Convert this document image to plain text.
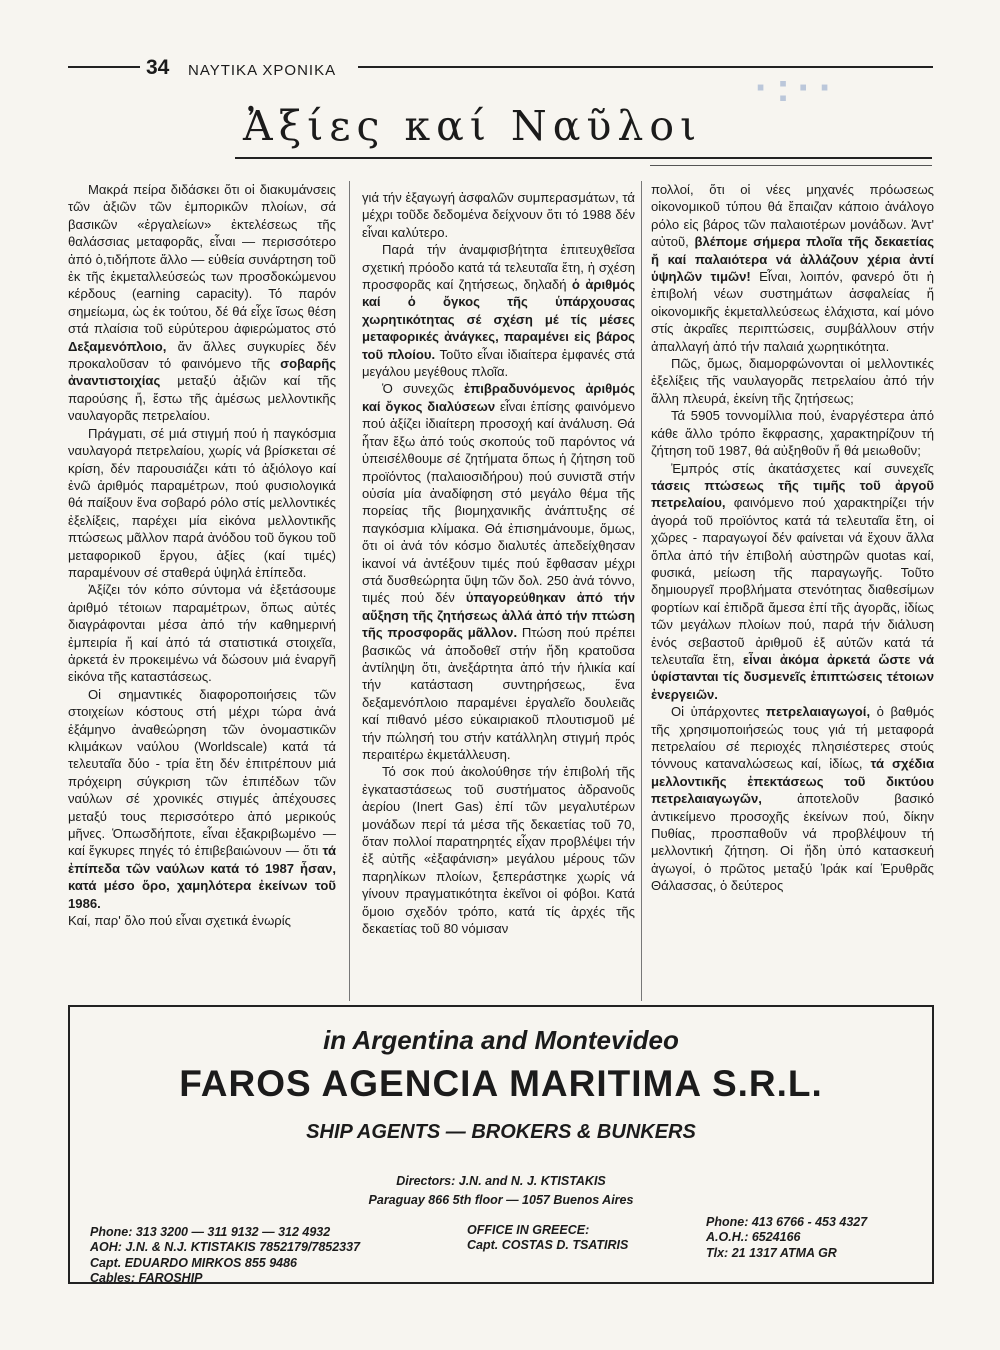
34 ΝΑΥΤΙΚΑ ΧΡΟΝΙΚΑ	·:··
Ἀξίες καί Ναῦλοι

Μακρά πείρα διδάσκει ὅτι οἱ διακυμάνσεις τῶν ἀξιῶν τῶν ἐμπορικῶν πλοίων, σά βασικῶν «ἐργαλείων» ἐκτελέσεως τῆς θαλάσσιας μεταφορᾶς, εἶναι — περισσότερο ἀπό ὁ,τιδήποτε ἄλλο — εὐθεία συνάρτηση τοῦ ἐκ τῆς ἐκμεταλλεύσεώς των προσδοκώμενου κέρδους (earning capacity). Τό παρόν σημείωμα, ὡς ἐκ τούτου, δέ θά εἶχε ἴσως θέση στά πλαίσια τοῦ εὐρύτερου ἀφιερώματος στό Δεξαμενόπλοιο, ἄν ἄλλες συγκυρίες δέν προκαλοῦσαν τό φαινόμενο τῆς σοβαρῆς ἀναντιστοιχίας μεταξύ ἀξιῶν καί τῆς παρούσης ἤ, ἔστω τῆς ἀμέσως μελλοντικῆς ναυλαγορᾶς πετρελαίου.

Πράγματι, σέ μιά στιγμή πού ἡ παγκόσμια ναυλαγορά πετρελαίου, χωρίς νά βρίσκεται σέ κρίση, δέν παρουσιάζει κάτι τό ἀξιόλογο καί ἐνῶ ἀριθμός παραμέτρων, πού φυσιολογικά θά παίξουν ἔνα σοβαρό ρόλο στίς μελλοντικές ἐξελίξεις, παρέχει μία εἰκόνα μελλοντικῆς πτώσεως μᾶλλον παρά ἀνόδου τοῦ ὄγκου τοῦ μεταφορικοῦ ἔργου, ἀξίες (καί τιμές) παραμένουν σέ σταθερά ὑψηλά ἐπίπεδα.

Ἀξίζει τόν κόπο σύντομα νά ἐξετάσουμε ἀριθμό τέτοιων παραμέτρων, ὅπως αὐτές διαγράφονται μέσα ἀπό τήν καθημερινή ἐμπειρία ἤ καί ἀπό τά στατιστικά στοιχεῖα, ἀρκετά ἐν προκειμένω νά δώσουν μιά ἐναργῆ εἰκόνα τῆς καταστάσεως.

Οἱ σημαντικές διαφοροποιήσεις τῶν στοιχείων κόστους στή μέχρι τώρα ἀνά ἑξάμηνο ἀναθεώρηση τῶν ὀνομαστικῶν κλιμάκων ναύλου (Worldscale) κατά τά τελευταῖα δύο - τρία ἔτη δέν ἐπιτρέπουν μιά πρόχειρη σύγκριση τῶν ἐπιπέδων τῶν ναύλων σέ χρονικές στιγμές ἀπέχουσες μεταξύ τους περισσότερο ἀπό μερικούς μῆνες. Ὁπωσδήποτε, εἶναι ἐξακριβωμένο — καί ἔγκυρες πηγές τό ἐπιβεβαιώνουν — ὅτι τά ἐπίπεδα τῶν ναύλων κατά τό 1987 ἦσαν, κατά μέσο ὅρο, χαμηλότερα ἐκείνων τοῦ 1986.

Καί, παρ' ὅλο πού εἶναι σχετικά ἐνωρίς

γιά τήν ἐξαγωγή ἀσφαλῶν συμπερασμάτων, τά μέχρι τοῦδε δεδομένα δείχνουν ὅτι τό 1988 δέν εἶναι καλύτερο.

Παρά τήν ἀναμφισβήτητα ἐπιτευχθεῖσα σχετική πρόοδο κατά τά τελευταῖα ἔτη, ἡ σχέση προσφορᾶς καί ζητήσεως, δηλαδή ὁ ἀριθμός καί ὁ ὄγκος τῆς ὑπάρχουσας χωρητικότητας σέ σχέση μέ τίς μέσες μεταφορικές ἀνάγκες, παραμένει εἰς βάρος τοῦ πλοίου. Τοῦτο εἶναι ἰδιαίτερα ἐμφανές στά μεγάλου μεγέθους πλοῖα.

Ὁ συνεχῶς ἐπιβραδυνόμενος ἀριθμός καί ὄγκος διαλύσεων εἶναι ἐπίσης φαινόμενο πού ἀξίζει ἰδιαίτερη προσοχή καί ἀνάλυση. Θά ἦταν ἔξω ἀπό τούς σκοπούς τοῦ παρόντος νά ὑπεισέλθουμε σέ ζητήματα ὅπως ἡ ζήτηση τοῦ προϊόντος (παλαιοσιδήρου) πού συνιστᾶ στήν οὐσία μία ἀναδίφηση στό μεγάλο θέμα τῆς πορείας τῆς βιομηχανικῆς ἀνάπτυξης σέ παγκόσμια κλίμακα. Θά ἐπισημάνουμε, ὅμως, ὅτι οἱ ἀνά τόν κόσμο διαλυτές ἀπεδείχθησαν ἱκανοί νά ἀντέξουν τιμές πού ἔφθασαν μέχρι στά δυσθεώρητα ὕψη τῶν δολ. 250 ἀνά τόννο, τιμές πού δέν ὑπαγορεύθηκαν ἀπό τήν αὔξηση τῆς ζητήσεως ἀλλά ἀπό τήν πτώση τῆς προσφορᾶς μᾶλλον. Πτώση πού πρέπει βασικῶς νά ἀποδοθεῖ στήν ἤδη κρατοῦσα ἀντίληψη ὅτι, ἀνεξάρτητα ἀπό τήν ἡλικία καί τήν κατάσταση συντηρήσεως, ἕνα δεξαμενόπλοιο παραμένει ἐργαλεῖο δουλειᾶς καί πιθανό μέσο εὐκαιριακοῦ πλουτισμοῦ μέ τήν πώλησή του στήν κατάλληλη στιγμή πρός περαιτέρω ἐκμετάλλευση.

Τό σοκ πού ἀκολούθησε τήν ἐπιβολή τῆς ἐγκαταστάσεως τοῦ συστήματος ἀδρανοῦς ἀερίου (Inert Gas) ἐπί τῶν μεγαλυτέρων μονάδων περί τά μέσα τῆς δεκαετίας τοῦ 70, ὅταν πολλοί παρατηρητές εἶχαν προβλέψει τήν ἐξ αὐτῆς «ἐξαφάνιση» μεγάλου μέρους τῶν παρηλίκων πλοίων, ξεπεράστηκε χωρίς νά γίνουν πραγματικότητα ἐκεῖνοι οἱ φόβοι. Κατά ὅμοιο σχεδόν τρόπο, κατά τίς ἀρχές τῆς δεκαετίας τοῦ 80 νόμισαν

πολλοί, ὅτι οἱ νέες μηχανές πρόωσεως οἰκονομικοῦ τύπου θά ἔπαιζαν κάποιο ἀνάλογο ρόλο εἰς βάρος τῶν παλαιοτέρων μονάδων. Ἀντ' αὐτοῦ, βλέπομε σήμερα πλοῖα τῆς δεκαετίας ἤ καί παλαιότερα νά ἀλλάζουν χέρια ἀντί ὑψηλῶν τιμῶν! Εἶναι, λοιπόν, φανερό ὅτι ἡ ἐπιβολή νέων συστημάτων ἀσφαλείας ἤ οἰκονομικῆς ἐκμεταλλεύσεως ἐλάχιστα, καί μόνο στίς ἀκραῖες περιπτώσεις, συμβάλλουν στήν ἀπαλλαγή ἀπό τήν παλαιά χωρητικότητα.

Πῶς, ὅμως, διαμορφώνονται οἱ μελλοντικές ἐξελίξεις τῆς ναυλαγορᾶς πετρελαίου ἀπό τήν ἄλλη πλευρά, ἐκείνη τῆς ζητήσεως;

Τά 5905 τοννομίλλια πού, ἐναργέστερα ἀπό κάθε ἄλλο τρόπο ἔκφρασης, χαρακτηρίζουν τή ζήτηση τοῦ 1987, θά αὐξηθοῦν ἤ θά μειωθοῦν;

Ἐμπρός στίς ἀκατάσχετες καί συνεχεῖς τάσεις πτώσεως τῆς τιμῆς τοῦ ἀργοῦ πετρελαίου, φαινόμενο πού χαρακτηρίζει τήν ἀγορά τοῦ προϊόντος κατά τά τελευταῖα ἔτη, οἱ χῶρες - παραγωγοί δέν φαίνεται νά ἔχουν ἄλλα ὅπλα ἀπό τήν ἐπιβολή αὐστηρῶν quotas καί, φυσικά, μείωση τῆς παραγωγῆς. Τοῦτο δημιουργεῖ προβλήματα στενότητας διαθεσίμων φορτίων καί ἐπιδρᾶ ἄμεσα ἐπί τῆς ἀγορᾶς, ἰδίως τῶν μεγάλων πλοίων πού, παρά τήν διάλυση ἑνός σεβαστοῦ ἀριθμοῦ ἐξ αὐτῶν κατά τά τελευταῖα ἔτη, εἶναι ἀκόμα ἀρκετά ὥστε νά ὑφίστανται τίς δυσμενεῖς ἐπιπτώσεις τέτοιων ἐνεργειῶν.

Οἱ ὑπάρχοντες πετρελαιαγωγοί, ὁ βαθμός τῆς χρησιμοποιήσεώς τους γιά τή μεταφορά πετρελαίου σέ περιοχές πλησιέστερες στούς τόννους καταναλώσεως καί, ἰδίως, τά σχέδια μελλοντικῆς ἐπεκτάσεως τοῦ δικτύου πετρελαιαγωγῶν,	ἀποτελοῦν βασικό ἀντικείμενο προσοχῆς ἐκείνων πού, δίκην Πυθίας, προσπαθοῦν νά προβλέψουν τή μελλοντική ζήτηση. Οἱ ἤδη ὑπό κατασκευή ἀγωγοί, ὁ πρῶτος μεταξύ Ἰράκ καί Ἐρυθρᾶς Θάλασσας, ὁ δεύτερος

in Argentina and Montevideo
FAROS AGENCIA MARITIMA S.R.L.
SHIP AGENTS — BROKERS & BUNKERS
Directors: J.N. and N. J. KTISTAKIS
Paraguay 866 5th floor — 1057 Buenos Aires
Phone: 313 3200 — 311 9132 — 312 4932
AOH: J.N. & N.J. KTISTAKIS 7852179/7852337
Capt. EDUARDO MIRKOS 855 9486
Cables: FAROSHIP
OFFICE IN GREECE:
Capt. COSTAS D. TSATIRIS
Phone: 413 6766 - 453 4327
A.O.H.: 6524166
Tlx: 21 1317 ATMA GR
